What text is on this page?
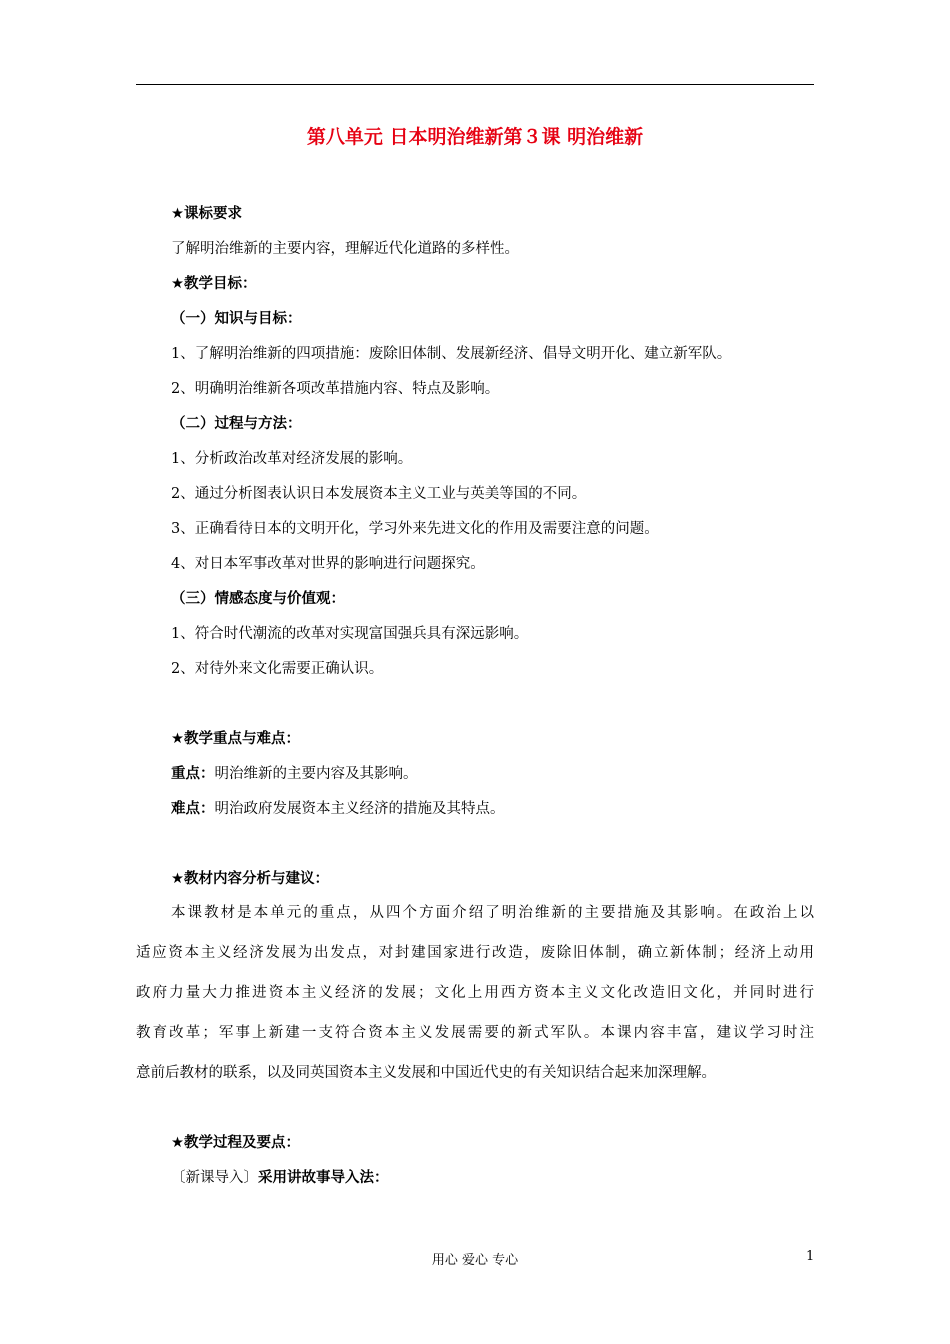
第八单元 日本明治维新第３课 明治维新
★课标要求
了解明治维新的主要内容，理解近代化道路的多样性。
★教学目标：
（一）知识与目标：
1、了解明治维新的四项措施：废除旧体制、发展新经济、倡导文明开化、建立新军队。
2、明确明治维新各项改革措施内容、特点及影响。
（二）过程与方法：
1、分析政治改革对经济发展的影响。
2、通过分析图表认识日本发展资本主义工业与英美等国的不同。
3、正确看待日本的文明开化，学习外来先进文化的作用及需要注意的问题。
4、对日本军事改革对世界的影响进行问题探究。
（三）情感态度与价值观：
1、符合时代潮流的改革对实现富国强兵具有深远影响。
2、对待外来文化需要正确认识。
★教学重点与难点：
重点：明治维新的主要内容及其影响。
难点：明治政府发展资本主义经济的措施及其特点。
★教材内容分析与建议：
本课教材是本单元的重点，从四个方面介绍了明治维新的主要措施及其影响。在政治上以
适应资本主义经济发展为出发点，对封建国家进行改造，废除旧体制，确立新体制；经济上动用
政府力量大力推进资本主义经济的发展；文化上用西方资本主义文化改造旧文化，并同时进行
教育改革；军事上新建一支符合资本主义发展需要的新式军队。本课内容丰富，建议学习时注
意前后教材的联系，以及同英国资本主义发展和中国近代史的有关知识结合起来加深理解。
★教学过程及要点：
〔新课导入〕采用讲故事导入法：
用心 爱心 专心	1
